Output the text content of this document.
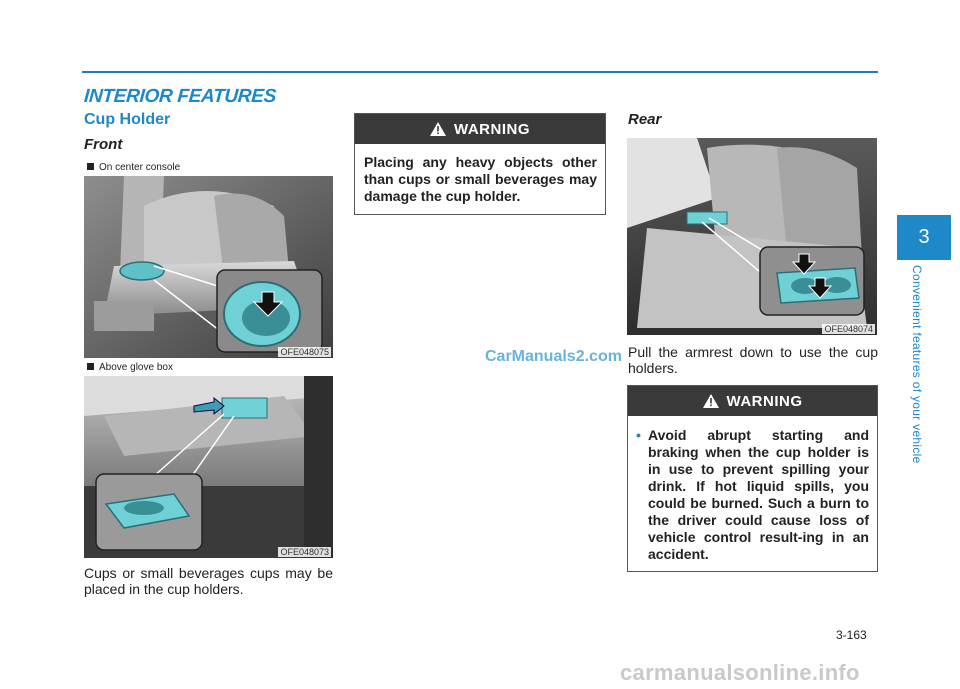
INTERIOR FEATURES
Cup Holder
Front
On center console
OFE048075
Above glove box
OFE048073
Cups or small beverages cups may be placed in the cup holders.
WARNING
Placing any heavy objects other than cups or small beverages may damage the cup holder.
Rear
OFE048074
Pull the armrest down to use the cup holders.
WARNING
• Avoid abrupt starting and braking when the cup holder is in use to prevent spilling your drink. If hot liquid spills, you could be burned. Such a burn to the driver could cause loss of vehicle control result-ing in an accident.
3
Convenient features of your vehicle
CarManuals2.com
3-163
carmanualsonline.info
